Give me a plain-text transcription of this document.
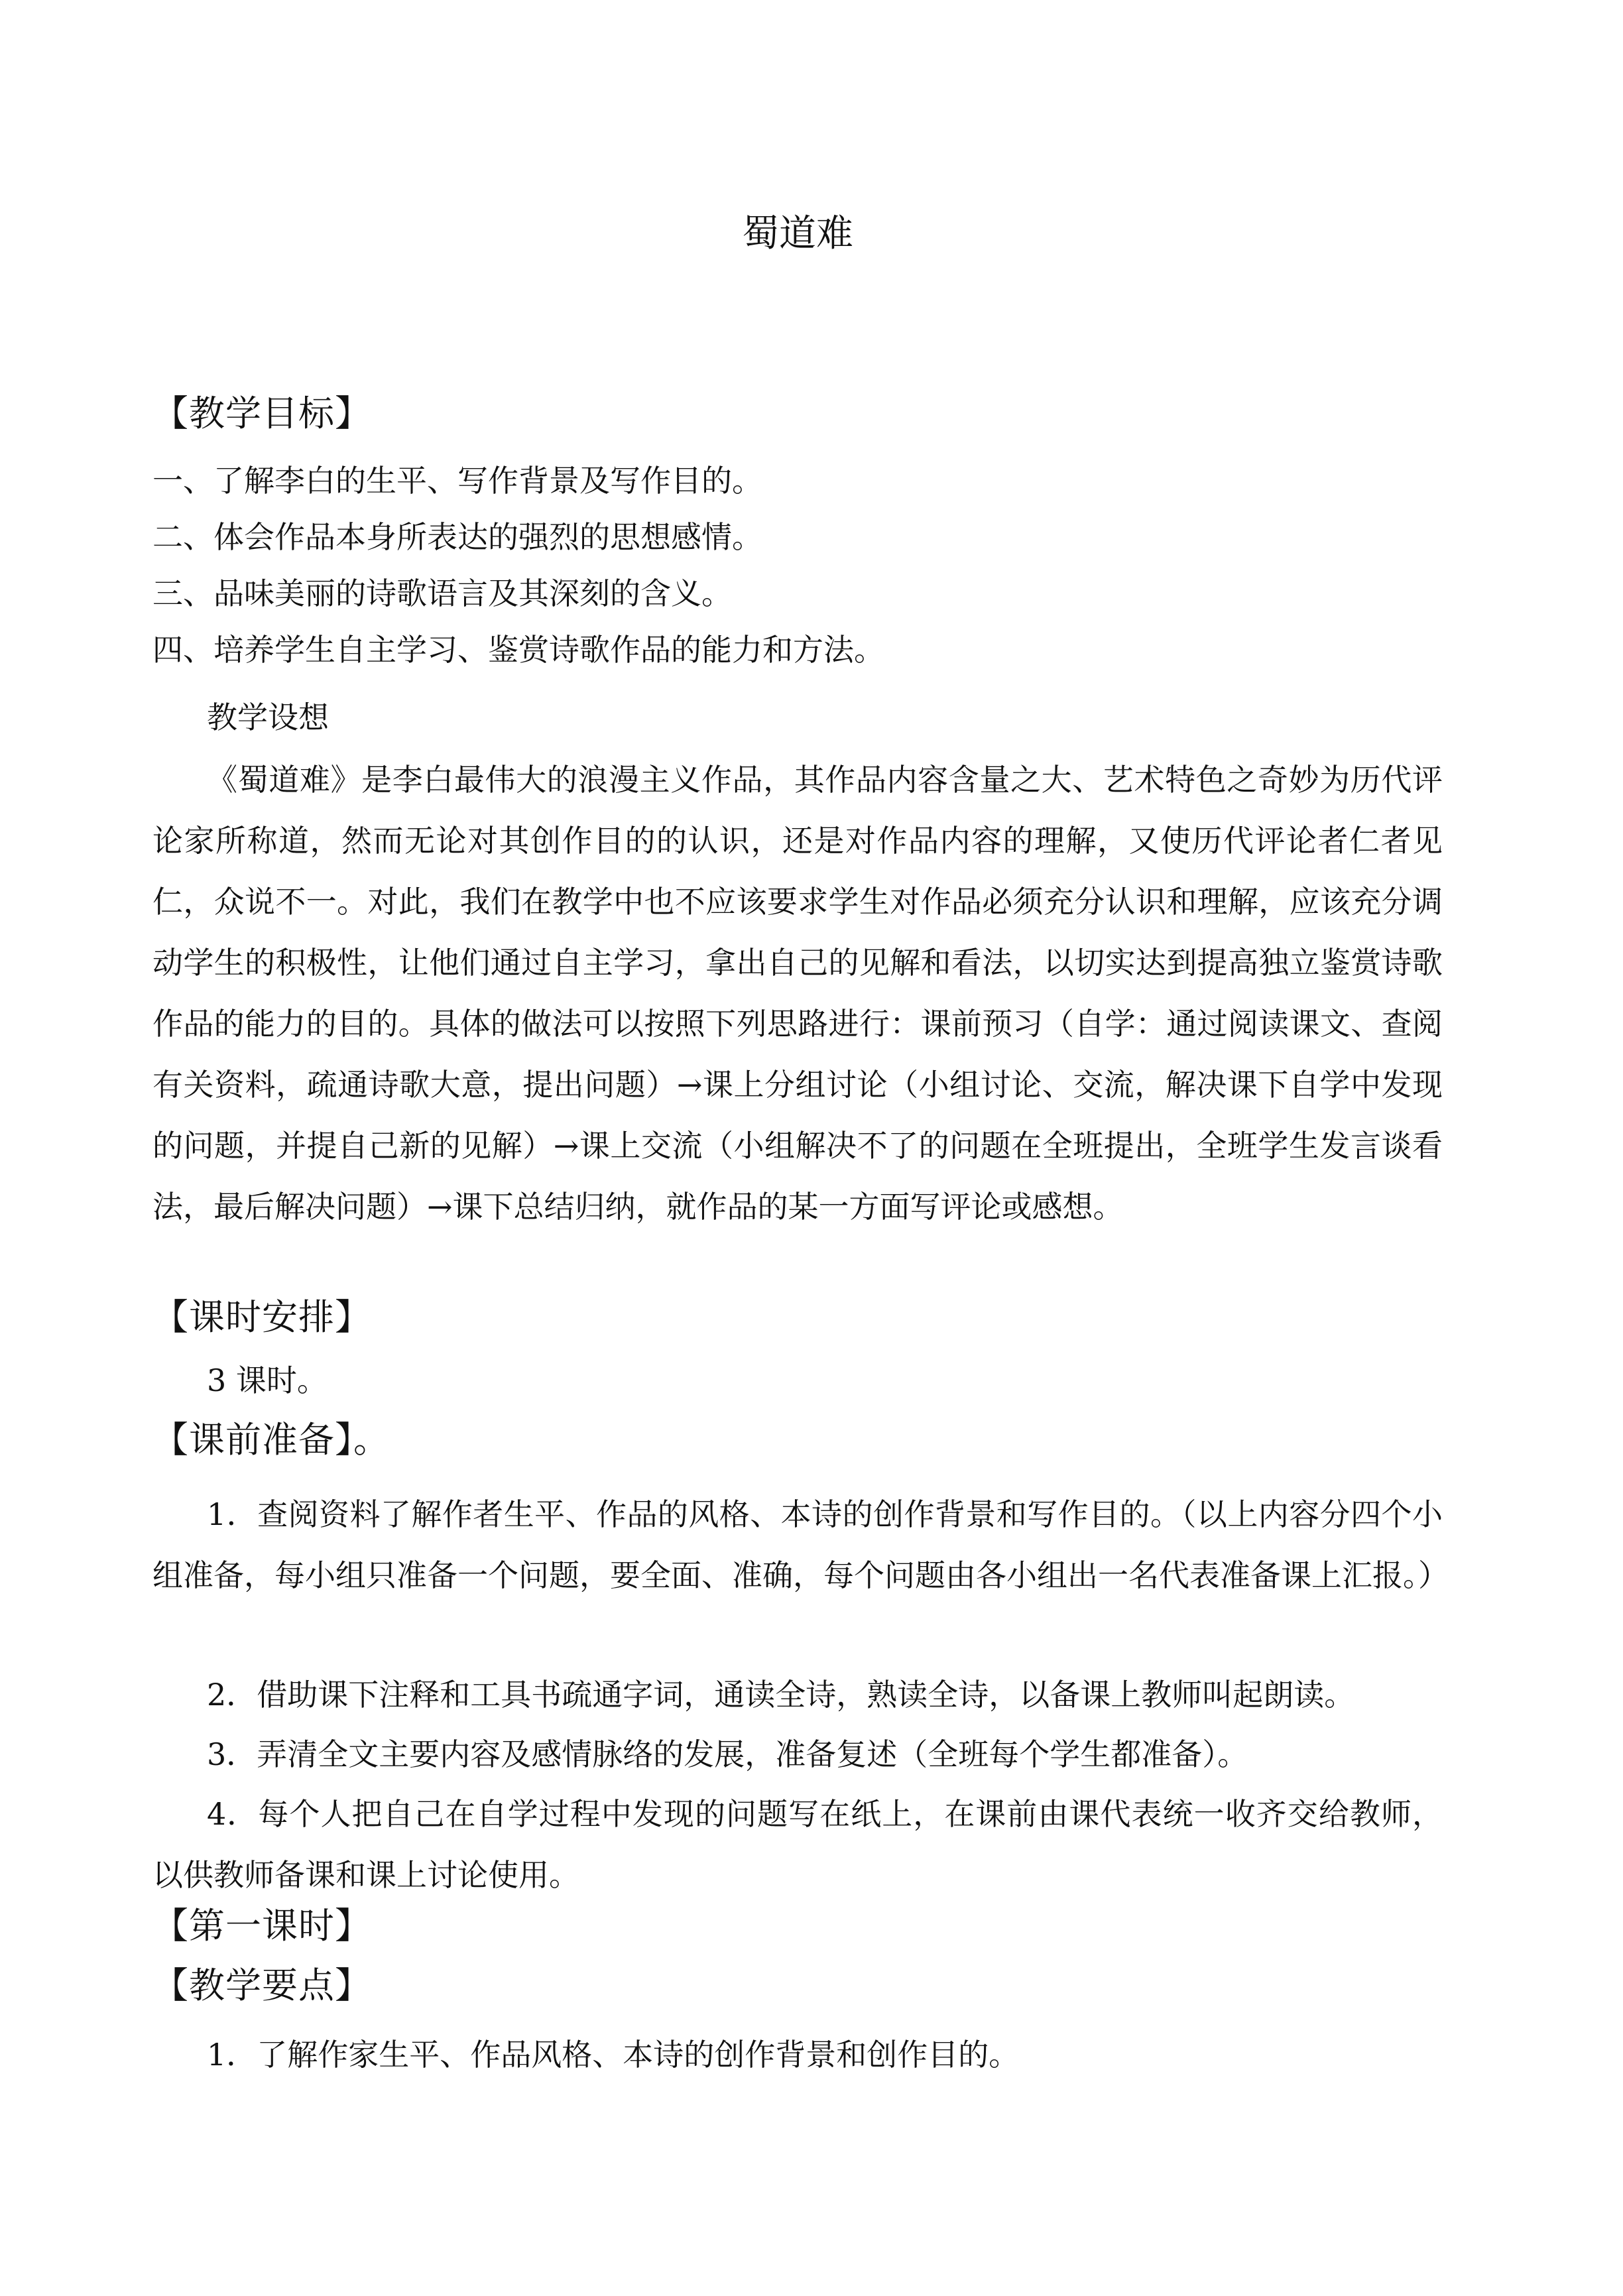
蜀道难
【教学目标】
一、了解李白的生平、写作背景及写作目的。
二、体会作品本身所表达的强烈的思想感情。
三、品味美丽的诗歌语言及其深刻的含义。
四、培养学生自主学习、鉴赏诗歌作品的能力和方法。
教学设想

《蜀道难》是李白最伟大的浪漫主义作品，其作品内容含量之大、艺术特色之奇妙为历代评论家所称道，然而无论对其创作目的的认识，还是对作品内容的理解，又使历代评论者仁者见仁，众说不一。对此，我们在教学中也不应该要求学生对作品必须充分认识和理解，应该充分调动学生的积极性，让他们通过自主学习，拿出自己的见解和看法，以切实达到提高独立鉴赏诗歌作品的能力的目的。具体的做法可以按照下列思路进行：课前预习（自学：通过阅读课文、查阅有关资料，疏通诗歌大意，提出问题）→课上分组讨论（小组讨论、交流，解决课下自学中发现的问题，并提自己新的见解）→课上交流（小组解决不了的问题在全班提出，全班学生发言谈看法，最后解决问题）→课下总结归纳，就作品的某一方面写评论或感想。

【课时安排】
3 课时。
【课前准备】。

1．查阅资料了解作者生平、作品的风格、本诗的创作背景和写作目的。（以上内容分四个小组准备，每小组只准备一个问题，要全面、准确，每个问题由各小组出一名代表准备课上汇报。）

2．借助课下注释和工具书疏通字词，通读全诗，熟读全诗，以备课上教师叫起朗读。

3．弄清全文主要内容及感情脉络的发展，准备复述（全班每个学生都准备）。

4．每个人把自己在自学过程中发现的问题写在纸上，在课前由课代表统一收齐交给教师，以供教师备课和课上讨论使用。

【第一课时】
【教学要点】

1．了解作家生平、作品风格、本诗的创作背景和创作目的。
